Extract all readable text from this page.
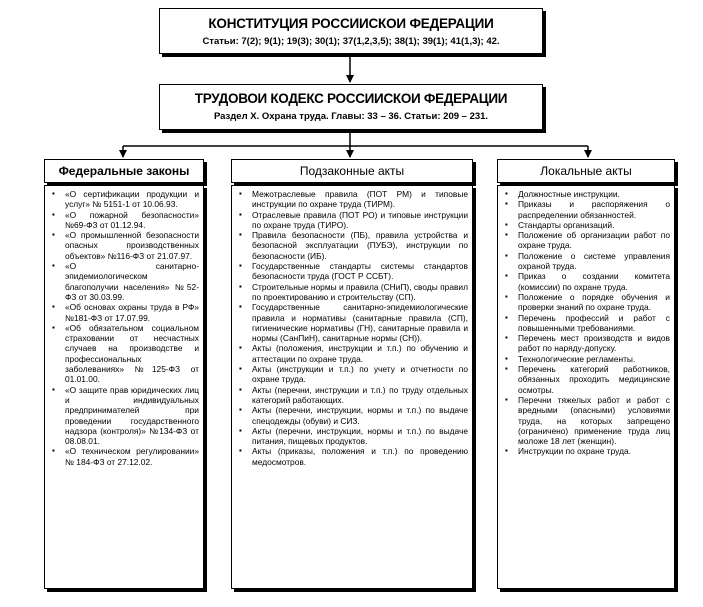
КОНСТИТУЦИЯ РОССИИСКОИ ФЕДЕРАЦИИ
Статьи: 7(2); 9(1); 19(3); 30(1); 37(1,2,3,5); 38(1); 39(1); 41(1,3); 42.
ТРУДОВОИ КОДЕКС РОССИИСКОИ ФЕДЕРАЦИИ
Раздел Х. Охрана труда. Главы: 33 – 36. Статьи: 209 – 231.
Федеральные законы	Подзаконные акты	Локальные акты
▪ «О сертификации продукции и услуг» № 5151-1 от 10.06.93.
▪ «О пожарной безопасности» №69-ФЗ от 01.12.94.
▪ «О промышленной безопасности опасных производственных объектов» №116-ФЗ от 21.07.97.
▪ «О санитарно-эпидемиологическом благополучии населения» №52-ФЗ от 30.03.99.
▪ «Об основах охраны труда в РФ» №181-ФЗ от 17.07.99.
▪ «Об обязательном социальном страховании от несчастных случаев на производстве и профессиональных заболеваниях» №125-ФЗ от 01.01.00.
▪ «О защите прав юридических лиц и индивидуальных предпринимателей при проведении государственного надзора (контроля)» №134-ФЗ от 08.08.01.
▪ «О техническом регулировании» № 184-ФЗ от 27.12.02.
▪ Межотраслевые правила (ПОТ РМ) и типовые инструкции по охране труда (ТИРМ).
▪ Отраслевые правила (ПОТ РО) и типовые инструкции по охране труда (ТИРО).
▪ Правила безопасности (ПБ), правила устройства и безопасной эксплуатации (ПУБЭ), инструкции по безопасности (ИБ).
▪ Государственные стандарты системы стандартов безопасности труда (ГОСТ Р ССБТ).
▪ Строительные нормы и правила (СНиП), своды правил по проектированию и строительству (СП).
▪ Государственные санитарно-эпидемиологические правила и нормативы (санитарные правила (СП), гигиенические нормативы (ГН), санитарные правила и нормы (СанПиН), санитарные нормы (СН)).
▪ Акты (положения, инструкции и т.п.) по обучению и аттестации по охране труда.
▪ Акты (инструкции и т.п.) по учету и отчетности по охране труда.
▪ Акты (перечни, инструкции и т.п.) по труду отдельных категорий работающих.
▪ Акты (перечни, инструкции, нормы и т.п.) по выдаче спецодежды (обуви) и СИЗ.
▪ Акты (перечни, инструкции, нормы и т.п.) по выдаче питания, пищевых продуктов.
▪ Акты (приказы, положения и т.п.) по проведению медосмотров.
▪ Должностные инструкции.
▪ Приказы и распоряжения о распределении обязанностей.
▪ Стандарты организаций.
▪ Положение об организации работ по охране труда.
▪ Положение о системе управления охраной труда.
▪ Приказ о создании комитета (комиссии) по охране труда.
▪ Положение о порядке обучения и проверки знаний по охране труда.
▪ Перечень профессий и работ с повышенными требованиями.
▪ Перечень мест производств и видов работ по наряду-допуску.
▪ Технологические регламенты.
▪ Перечень категорий работников, обязанных проходить медицинские осмотры.
▪ Перечни тяжелых работ и работ с вредными (опасными) условиями труда, на которых запрещено (ограничено) применение труда лиц моложе 18 лет (женщин).
▪ Инструкции по охране труда.
